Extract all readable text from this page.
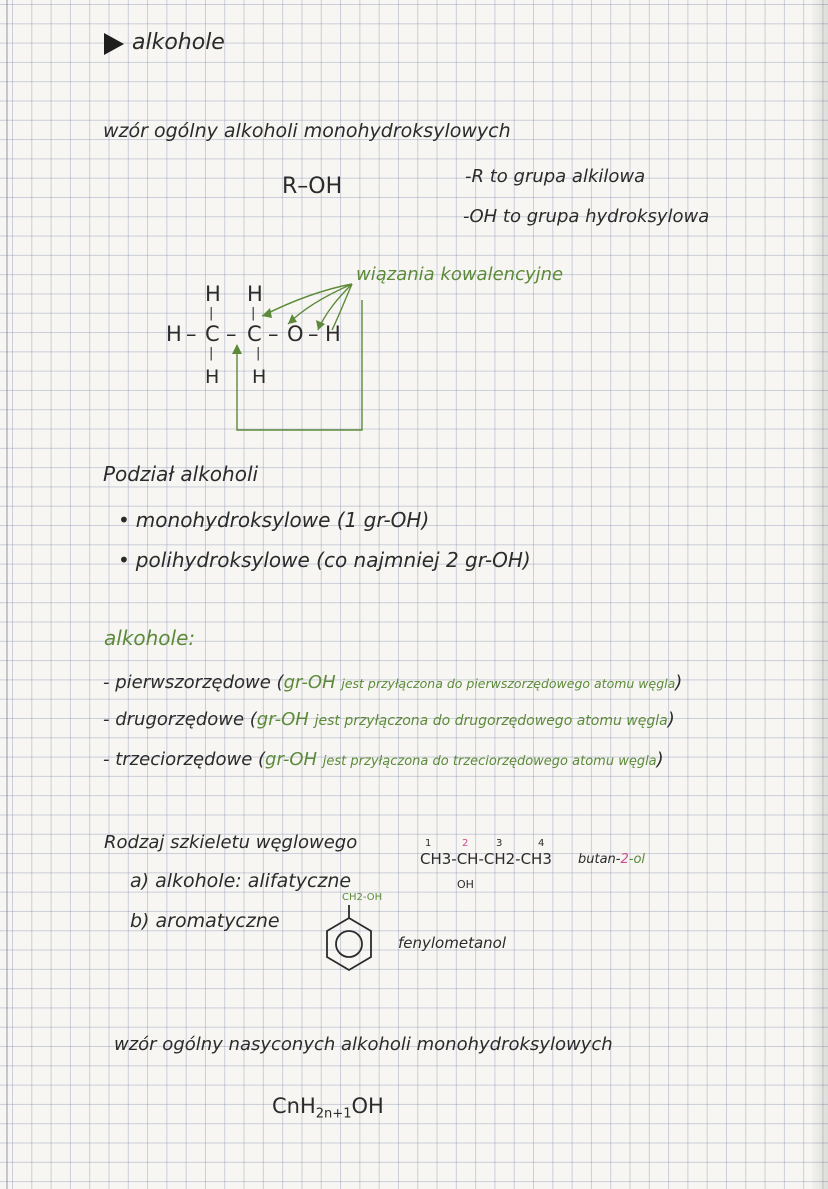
alkohole
wzór ogólny alkoholi monohydroksylowych
R–OH	-R to grupa alkilowa
-OH to grupa hydroksylowa
wiązania kowalencyjne
H H
|	|
H – C – C – O – H
|	|
H H
Podział alkoholi
• monohydroksylowe (1 gr-OH)
• polihydroksylowe (co najmniej 2 gr-OH)
alkohole:
- pierwszorzędowe (gr-OH jest przyłączona do pierwszorzędowego atomu węgla)
- drugorzędowe (gr-OH jest przyłączona do drugorzędowego atomu węgla)
- trzeciorzędowe (gr-OH jest przyłączona do trzeciorzędowego atomu węgla)
Rodzaj szkieletu węglowego
a) alkohole: alifatyczne
b) aromatyczne
1	2	3	4
CH3-CH-CH2-CH3
OH
butan-2-ol
CH2-OH
fenylometanol
wzór ogólny nasyconych alkoholi monohydroksylowych
CnH$_{2n+1}$OH
